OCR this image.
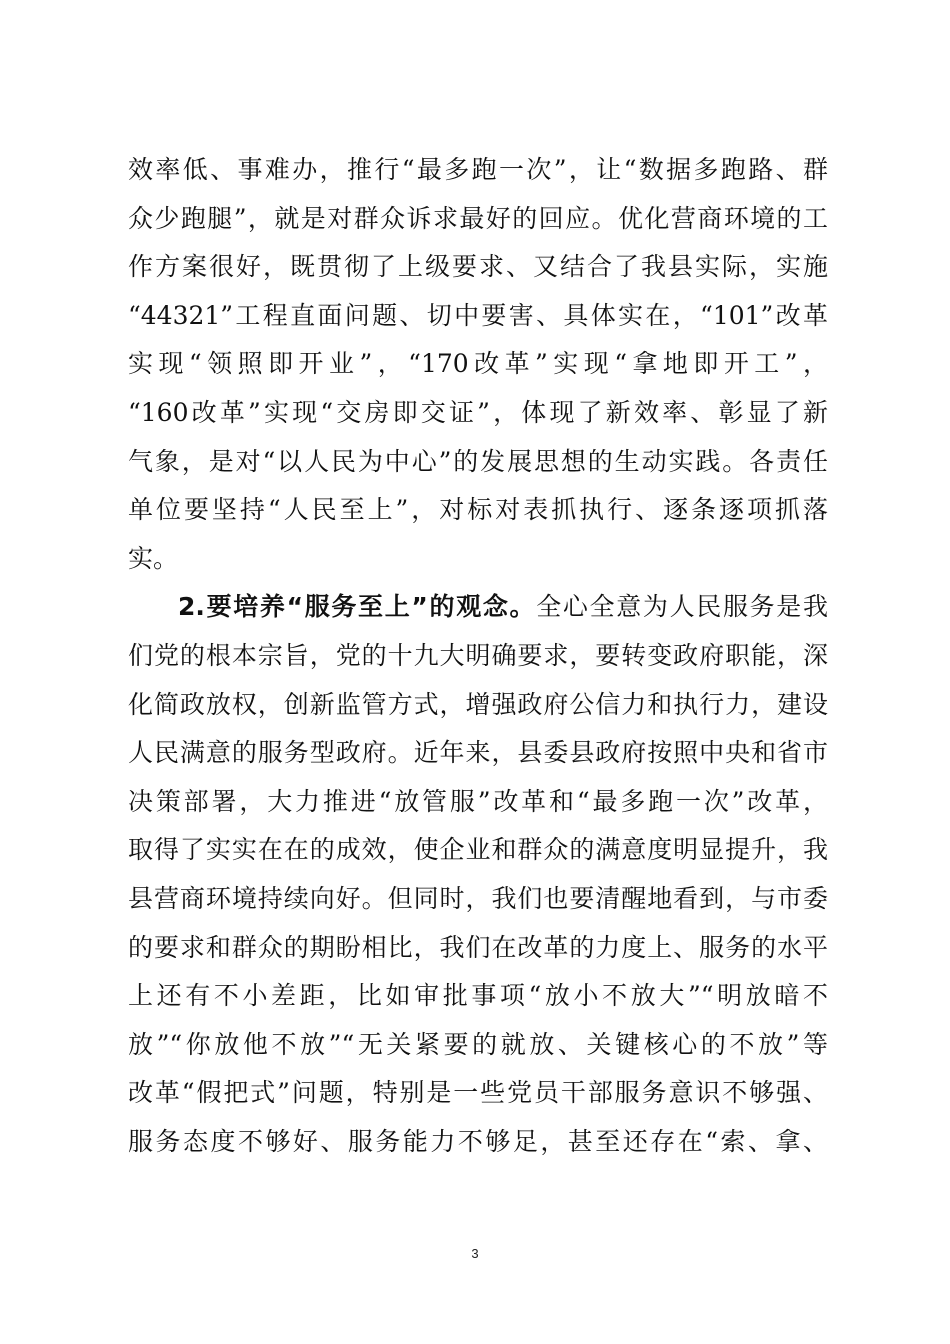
效率低、事难办，推行“最多跑一次”，让“数据多跑路、群
众少跑腿”，就是对群众诉求最好的回应。优化营商环境的工
作方案很好，既贯彻了上级要求、又结合了我县实际，实施
“44321”工程直面问题、切中要害、具体实在，“101”改革
实现“领照即开业”，“170改革”实现“拿地即开工”，
“160改革”实现“交房即交证”，体现了新效率、彰显了新
气象，是对“以人民为中心”的发展思想的生动实践。各责任
单位要坚持“人民至上”，对标对表抓执行、逐条逐项抓落
实。
2.要培养“服务至上”的观念。全心全意为人民服务是我
们党的根本宗旨，党的十九大明确要求，要转变政府职能，深
化简政放权，创新监管方式，增强政府公信力和执行力，建设
人民满意的服务型政府。近年来，县委县政府按照中央和省市
决策部署，大力推进“放管服”改革和“最多跑一次”改革，
取得了实实在在的成效，使企业和群众的满意度明显提升，我
县营商环境持续向好。但同时，我们也要清醒地看到，与市委
的要求和群众的期盼相比，我们在改革的力度上、服务的水平
上还有不小差距，比如审批事项“放小不放大”“明放暗不
放”“你放他不放”“无关紧要的就放、关键核心的不放”等
改革“假把式”问题，特别是一些党员干部服务意识不够强、
服务态度不够好、服务能力不够足，甚至还存在“索、拿、
3
